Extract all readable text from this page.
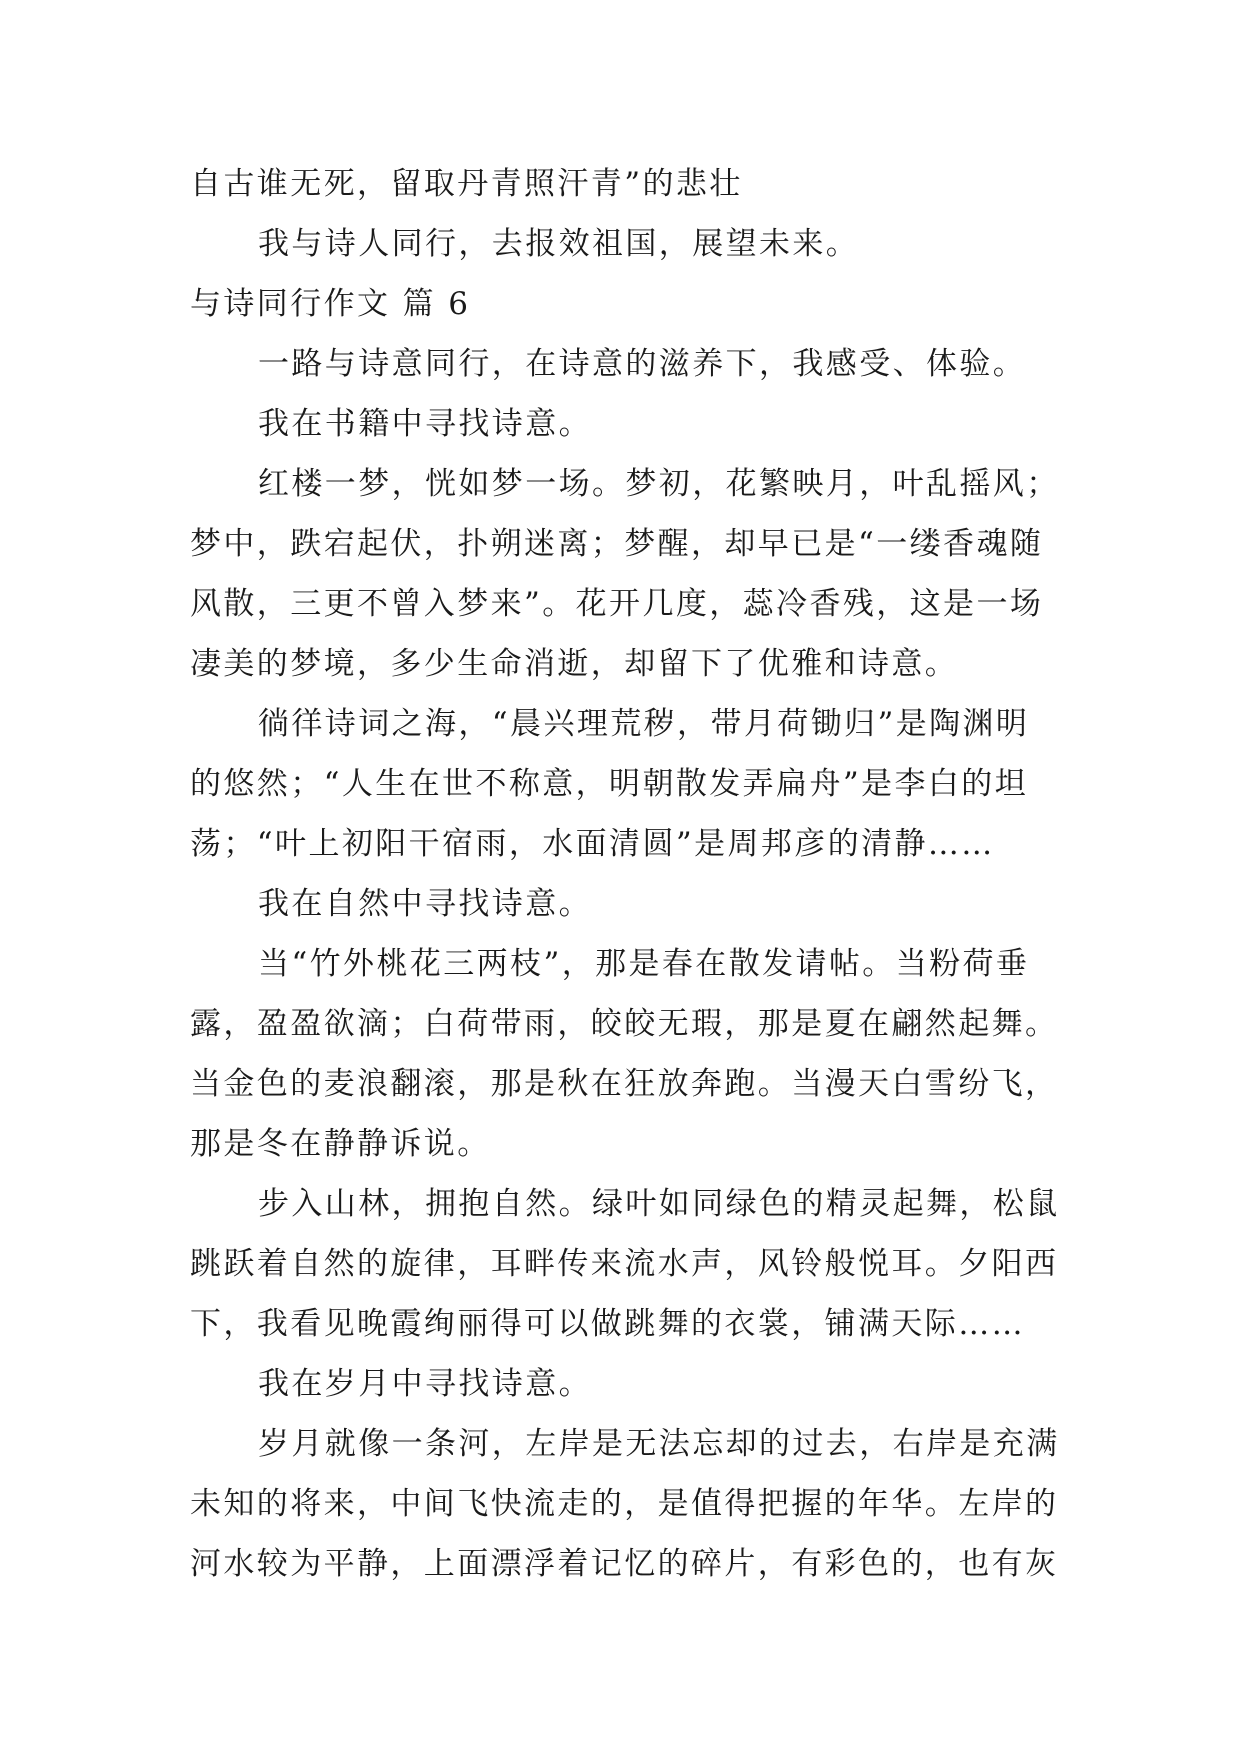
自古谁无死，留取丹青照汗青”的悲壮
我与诗人同行，去报效祖国，展望未来。
与诗同行作文 篇 6
一路与诗意同行，在诗意的滋养下，我感受、体验。
我在书籍中寻找诗意。
红楼一梦，恍如梦一场。梦初，花繁映月，叶乱摇风；
梦中，跌宕起伏，扑朔迷离；梦醒，却早已是“一缕香魂随
风散，三更不曾入梦来”。花开几度，蕊冷香残，这是一场
凄美的梦境，多少生命消逝，却留下了优雅和诗意。
徜徉诗词之海，“晨兴理荒秽，带月荷锄归”是陶渊明
的悠然；“人生在世不称意，明朝散发弄扁舟”是李白的坦
荡；“叶上初阳干宿雨，水面清圆”是周邦彦的清静……
我在自然中寻找诗意。
当“竹外桃花三两枝”，那是春在散发请帖。当粉荷垂
露，盈盈欲滴；白荷带雨，皎皎无瑕，那是夏在翩然起舞。
当金色的麦浪翻滚，那是秋在狂放奔跑。当漫天白雪纷飞，
那是冬在静静诉说。
步入山林，拥抱自然。绿叶如同绿色的精灵起舞，松鼠
跳跃着自然的旋律，耳畔传来流水声，风铃般悦耳。夕阳西
下，我看见晚霞绚丽得可以做跳舞的衣裳，铺满天际……
我在岁月中寻找诗意。
岁月就像一条河，左岸是无法忘却的过去，右岸是充满
未知的将来，中间飞快流走的，是值得把握的年华。左岸的
河水较为平静，上面漂浮着记忆的碎片，有彩色的，也有灰
